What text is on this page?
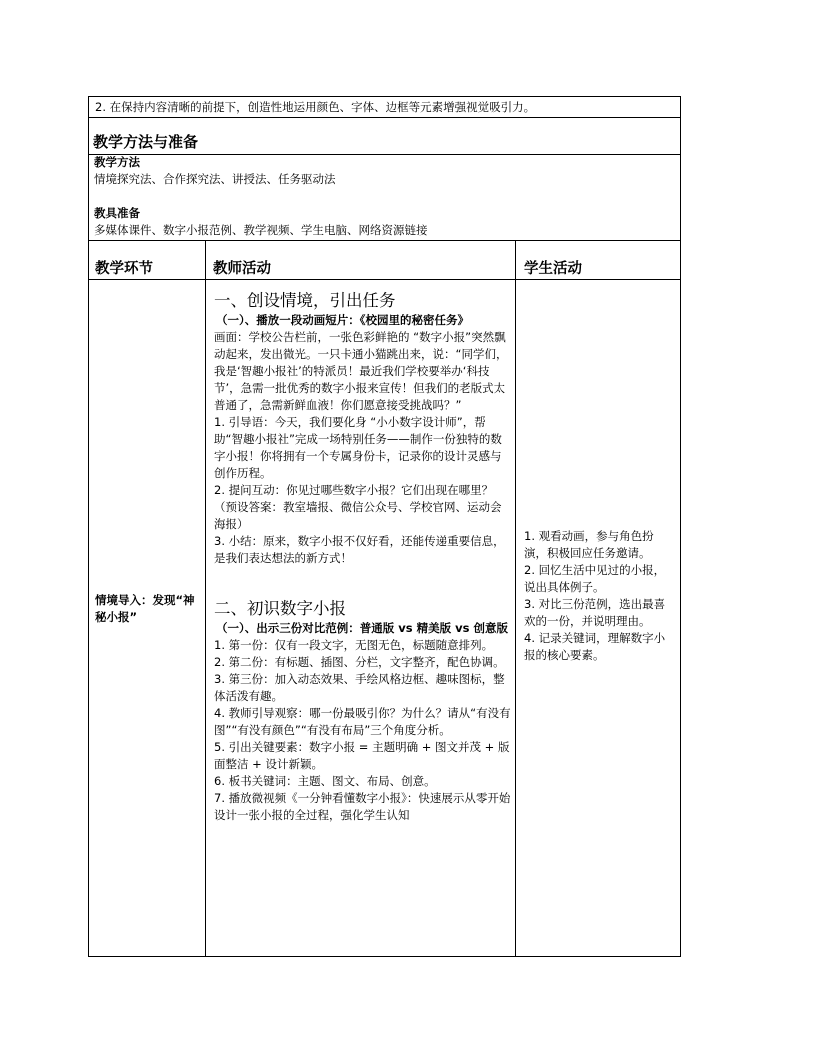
2. 在保持内容清晰的前提下，创造性地运用颜色、字体、边框等元素增强视觉吸引力。
教学方法与准备

教学方法

情境探究法、合作探究法、讲授法、任务驱动法

教具准备

多媒体课件、数字小报范例、教学视频、学生电脑、网络资源链接

教学环节	教师活动	学生活动
情境导入：发现“神秘小报”

一、创设情境，引出任务

（一）、播放一段动画短片：《校园里的秘密任务》

画面：学校公告栏前，一张色彩鲜艳的 “数字小报”突然飘动起来，发出微光。一只卡通小猫跳出来，说：“同学们，我是‘智趣小报社’的特派员！最近我们学校要举办‘科技节’，急需一批优秀的数字小报来宣传！但我们的老版式太普通了，急需新鲜血液！你们愿意接受挑战吗？”

1. 引导语：今天，我们要化身 “小小数字设计师”，帮助“智趣小报社”完成一场特别任务——制作一份独特的数字小报！你将拥有一个专属身份卡，记录你的设计灵感与创作历程。

2. 提问互动：你见过哪些数字小报？它们出现在哪里？（预设答案：教室墙报、微信公众号、学校官网、运动会海报）

3. 小结：原来，数字小报不仅好看，还能传递重要信息，是我们表达想法的新方式！

二、初识数字小报

（一）、出示三份对比范例：普通版 vs 精美版 vs 创意版

1. 第一份：仅有一段文字，无图无色，标题随意排列。

2. 第二份：有标题、插图、分栏，文字整齐，配色协调。

3. 第三份：加入动态效果、手绘风格边框、趣味图标，整体活泼有趣。

4. 教师引导观察：哪一份最吸引你？为什么？请从“有没有图”“有没有颜色”“有没有布局”三个角度分析。

5. 引出关键要素：数字小报 = 主题明确 + 图文并茂 + 版面整洁 + 设计新颖。

6. 板书关键词：主题、图文、布局、创意。

7. 播放微视频《一分钟看懂数字小报》：快速展示从零开始设计一张小报的全过程，强化学生认知

1. 观看动画，参与角色扮演，积极回应任务邀请。

2. 回忆生活中见过的小报，说出具体例子。

3. 对比三份范例，选出最喜欢的一份，并说明理由。

4. 记录关键词，理解数字小报的核心要素。
